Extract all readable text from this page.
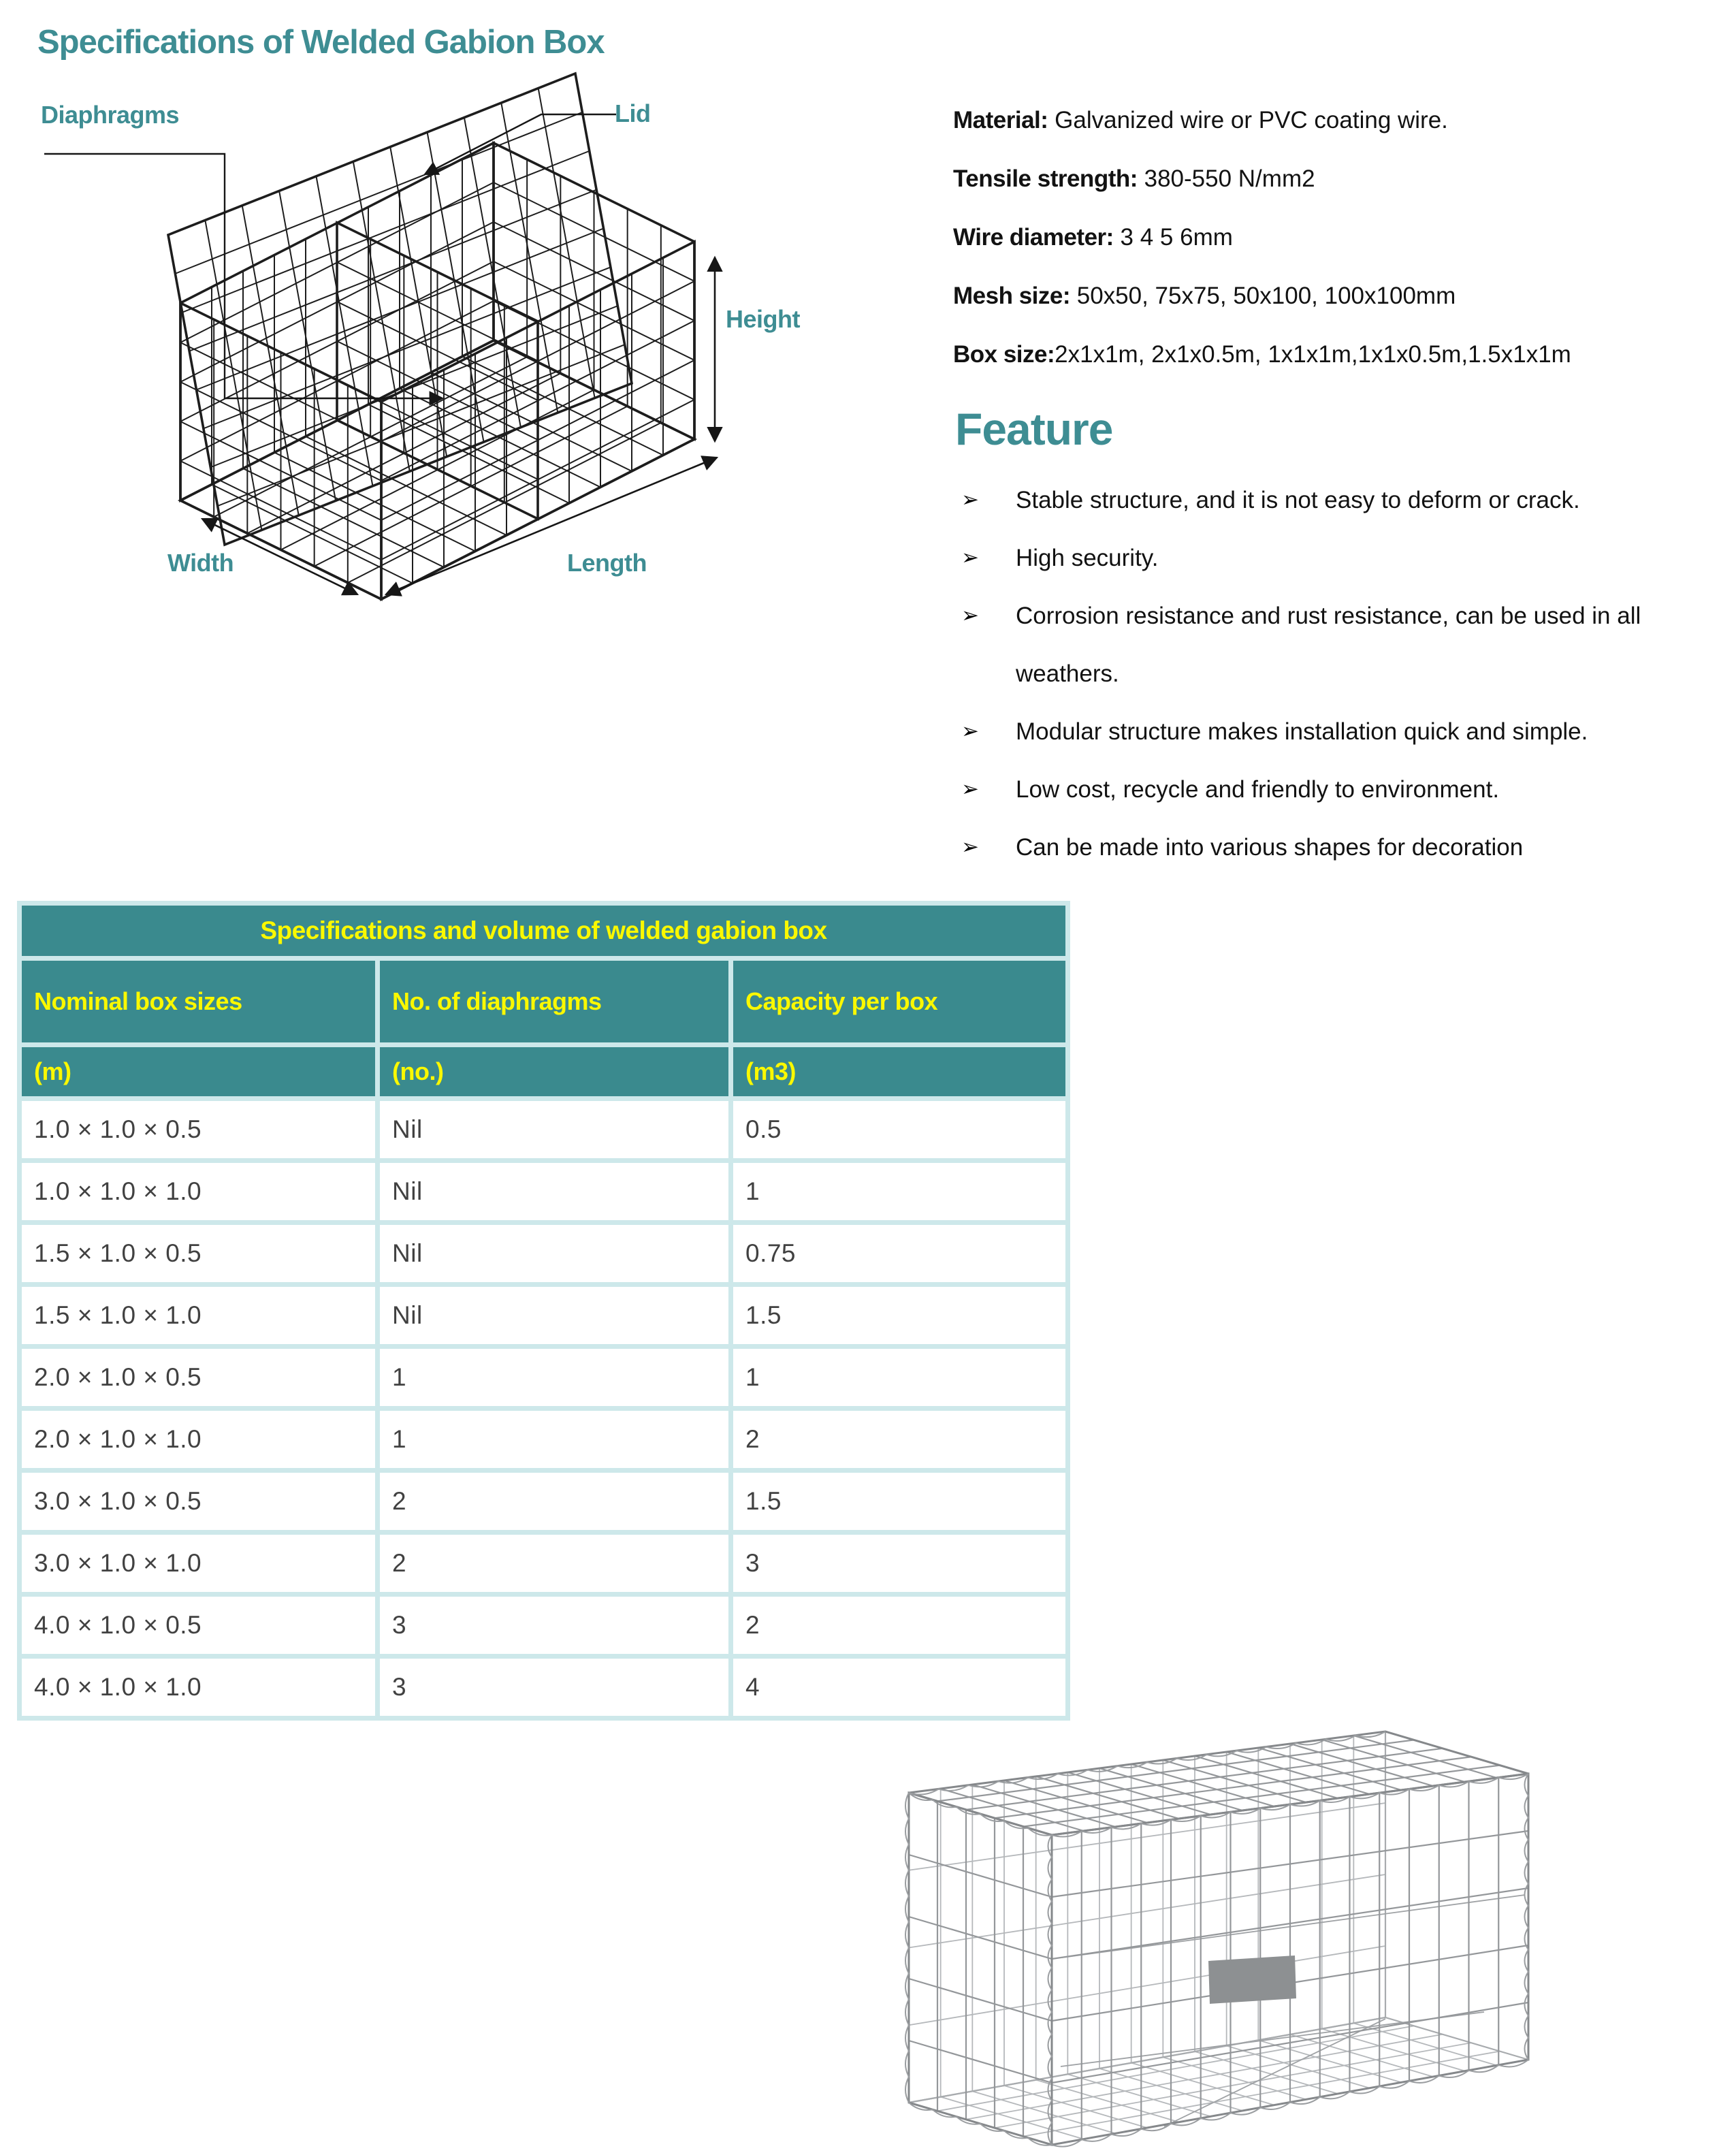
Specifications of Welded Gabion Box
Diaphragms	Lid
Height
Width	Length
Material: Galvanized wire or PVC coating wire.
Tensile strength: 380-550 N/mm2
Wire diameter: 3 4 5 6mm
Mesh size: 50x50, 75x75, 50x100, 100x100mm
Box size:2x1x1m, 2x1x0.5m, 1x1x1m,1x1x0.5m,1.5x1x1m
Feature
➢ Stable structure, and it is not easy to deform or crack.
➢ High security.
➢ Corrosion resistance and rust resistance, can be used in all weathers.
➢ Modular structure makes installation quick and simple.
➢ Low cost, recycle and friendly to environment.
➢ Can be made into various shapes for decoration
Specifications and volume of welded gabion box
Nominal box sizes	No. of diaphragms	Capacity per box
(m)	(no.)	(m3)
1.0 × 1.0 × 0.5	Nil	0.5
1.0 × 1.0 × 1.0	Nil	1
1.5 × 1.0 × 0.5	Nil	0.75
1.5 × 1.0 × 1.0	Nil	1.5
2.0 × 1.0 × 0.5	1	1
2.0 × 1.0 × 1.0	1	2
3.0 × 1.0 × 0.5	2	1.5
3.0 × 1.0 × 1.0	2	3
4.0 × 1.0 × 0.5	3	2
4.0 × 1.0 × 1.0	3	4
